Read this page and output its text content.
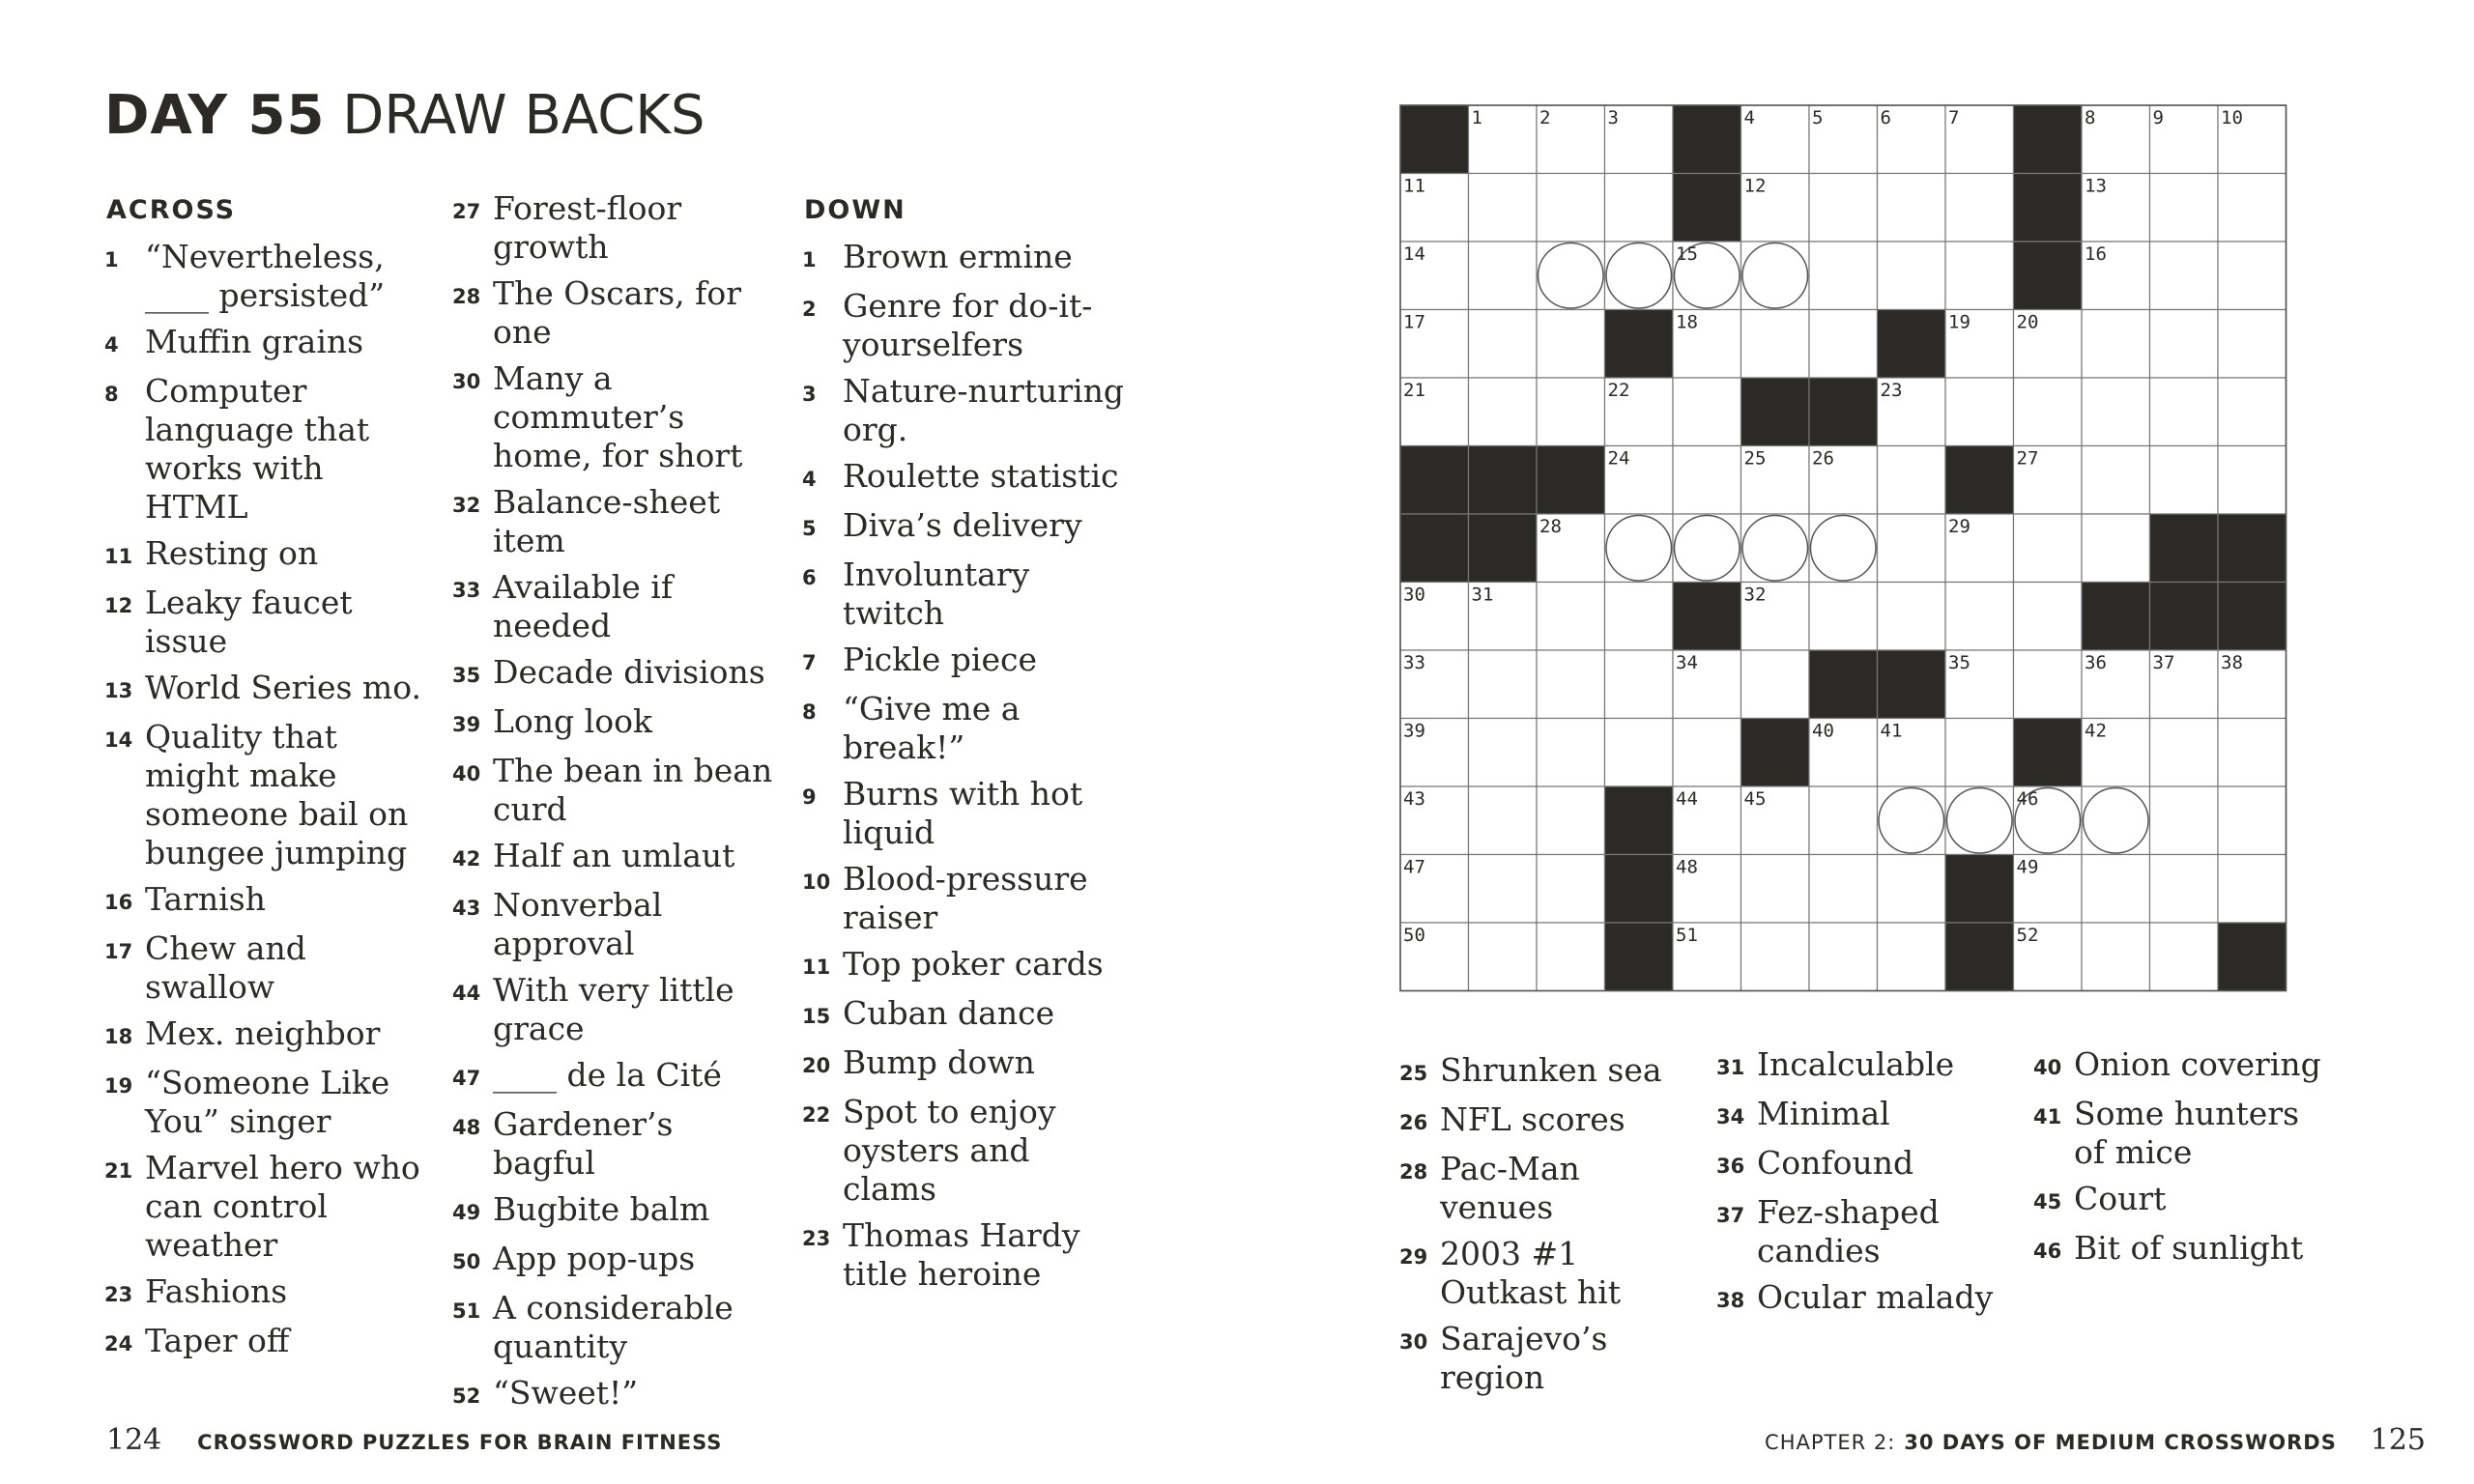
DAY 55 DRAW BACKS
ACROSS	DOWN
1 “Nevertheless, ____ persisted”
4 Muffin grains
8 Computer language that works with HTML
11 Resting on
12 Leaky faucet issue
13 World Series mo.
14 Quality that might make someone bail on bungee jumping
16 Tarnish
17 Chew and swallow
18 Mex. neighbor
19 “Someone Like You” singer
21 Marvel hero who can control weather
23 Fashions
24 Taper off
27 Forest-floor growth
28 The Oscars, for one
30 Many a commuter’s home, for short
32 Balance-sheet item
33 Available if needed
35 Decade divisions
39 Long look
40 The bean in bean curd
42 Half an umlaut
43 Nonverbal approval
44 With very little grace
47 ____ de la Cité
48 Gardener’s bagful
49 Bugbite balm
50 App pop-ups
51 A considerable quantity
52 “Sweet!”
1 Brown ermine
2 Genre for do-it-yourselfers
3 Nature-nurturing org.
4 Roulette statistic
5 Diva’s delivery
6 Involuntary twitch
7 Pickle piece
8 “Give me a break!”
9 Burns with hot liquid
10 Blood-pressure raiser
11 Top poker cards
15 Cuban dance
20 Bump down
22 Spot to enjoy oysters and clams
23 Thomas Hardy title heroine
1	2	3	4	5	6	7	8	9	10
11	12	13
14	15	16
17	18	19	20
21	22	23
24	25	26	27
28	29
30	31	32
33	34	35	36	37	38
39	40	41	42
43	44	45	46
47	48	49
50	51	52
25 Shrunken sea
26 NFL scores
28 Pac-Man venues
29 2003 #1 Outkast hit
30 Sarajevo’s region
31 Incalculable
34 Minimal
36 Confound
37 Fez-shaped candies
38 Ocular malady
40 Onion covering
41 Some hunters of mice
45 Court
46 Bit of sunlight
124 CROSSWORD PUZZLES FOR BRAIN FITNESS	CHAPTER 2: 30 DAYS OF MEDIUM CROSSWORDS 125
